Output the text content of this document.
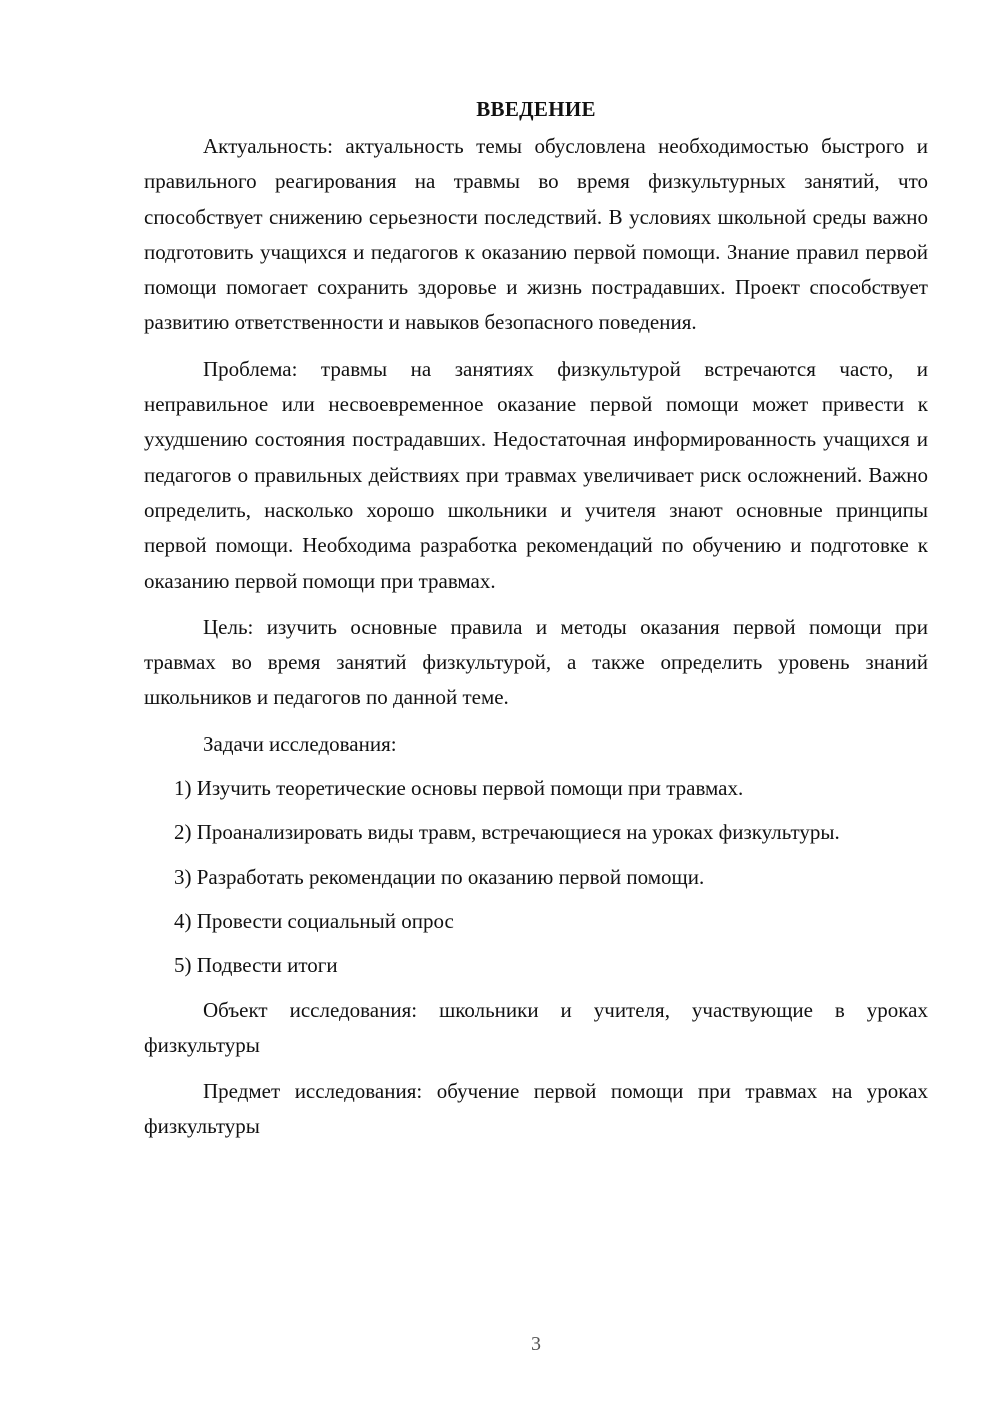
ВВЕДЕНИЕ

Актуальность: актуальность темы обусловлена необходимостью быстрого и правильного реагирования на травмы во время физкультурных занятий, что способствует снижению серьезности последствий. В условиях школьной среды важно подготовить учащихся и педагогов к оказанию первой помощи. Знание правил первой помощи помогает сохранить здоровье и жизнь пострадавших. Проект способствует развитию ответственности и навыков безопасного поведения.

Проблема: травмы на занятиях физкультурой встречаются часто, и неправильное или несвоевременное оказание первой помощи может привести к ухудшению состояния пострадавших. Недостаточная информированность учащихся и педагогов о правильных действиях при травмах увеличивает риск осложнений. Важно определить, насколько хорошо школьники и учителя знают основные принципы первой помощи. Необходима разработка рекомендаций по обучению и подготовке к оказанию первой помощи при травмах.

Цель: изучить основные правила и методы оказания первой помощи при травмах во время занятий физкультурой, а также определить уровень знаний школьников и педагогов по данной теме.

Задачи исследования:

1) Изучить теоретические основы первой помощи при травмах.

2) Проанализировать виды травм, встречающиеся на уроках физкультуры.

3) Разработать рекомендации по оказанию первой помощи.

4) Провести социальный опрос

5) Подвести итоги

Объект исследования: школьники и учителя, участвующие в уроках физкультуры

Предмет исследования: обучение первой помощи при травмах на уроках физкультуры

3
